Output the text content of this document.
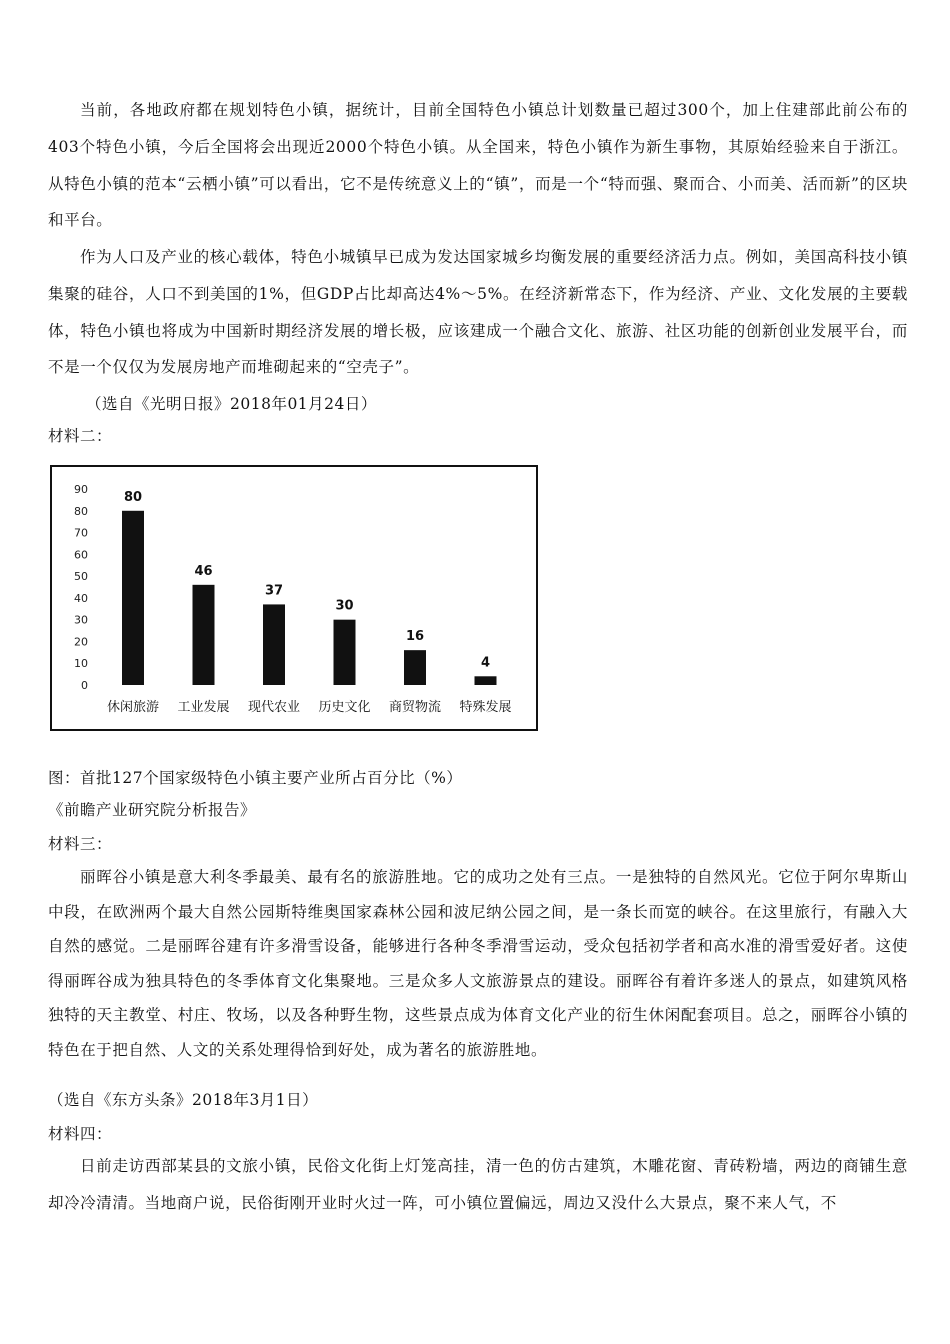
当前，各地政府都在规划特色小镇，据统计，目前全国特色小镇总计划数量已超过300个，加上住建部此前公布的403个特色小镇，今后全国将会出现近2000个特色小镇。从全国来，特色小镇作为新生事物，其原始经验来自于浙江。从特色小镇的范本“云栖小镇”可以看出，它不是传统意义上的“镇”，而是一个“特而强、聚而合、小而美、活而新”的区块和平台。

作为人口及产业的核心载体，特色小城镇早已成为发达国家城乡均衡发展的重要经济活力点。例如，美国高科技小镇集聚的硅谷，人口不到美国的1%，但GDP占比却高达4%～5%。在经济新常态下，作为经济、产业、文化发展的主要载体，特色小镇也将成为中国新时期经济发展的增长极，应该建成一个融合文化、旅游、社区功能的创新创业发展平台，而不是一个仅仅为发展房地产而堆砌起来的“空壳子”。

（选自《光明日报》2018年01月24日）
材料二：
0
10
20
30
40
50
60
70
80
90
80
休闲旅游
46
工业发展
37
现代农业
30
历史文化
16
商贸物流
4
特殊发展
图：首批127个国家级特色小镇主要产业所占百分比（%）
《前瞻产业研究院分析报告》
材料三：

丽晖谷小镇是意大利冬季最美、最有名的旅游胜地。它的成功之处有三点。一是独特的自然风光。它位于阿尔卑斯山中段，在欧洲两个最大自然公园斯特维奥国家森林公园和波尼纳公园之间，是一条长而宽的峡谷。在这里旅行，有融入大自然的感觉。二是丽晖谷建有许多滑雪设备，能够进行各种冬季滑雪运动，受众包括初学者和高水准的滑雪爱好者。这使得丽晖谷成为独具特色的冬季体育文化集聚地。三是众多人文旅游景点的建设。丽晖谷有着许多迷人的景点，如建筑风格独特的天主教堂、村庄、牧场，以及各种野生物，这些景点成为体育文化产业的衍生休闲配套项目。总之，丽晖谷小镇的特色在于把自然、人文的关系处理得恰到好处，成为著名的旅游胜地。

（选自《东方头条》2018年3月1日）
材料四：

日前走访西部某县的文旅小镇，民俗文化街上灯笼高挂，清一色的仿古建筑，木雕花窗、青砖粉墙，两边的商铺生意却冷冷清清。当地商户说，民俗街刚开业时火过一阵，可小镇位置偏远，周边又没什么大景点，聚不来人气，不
